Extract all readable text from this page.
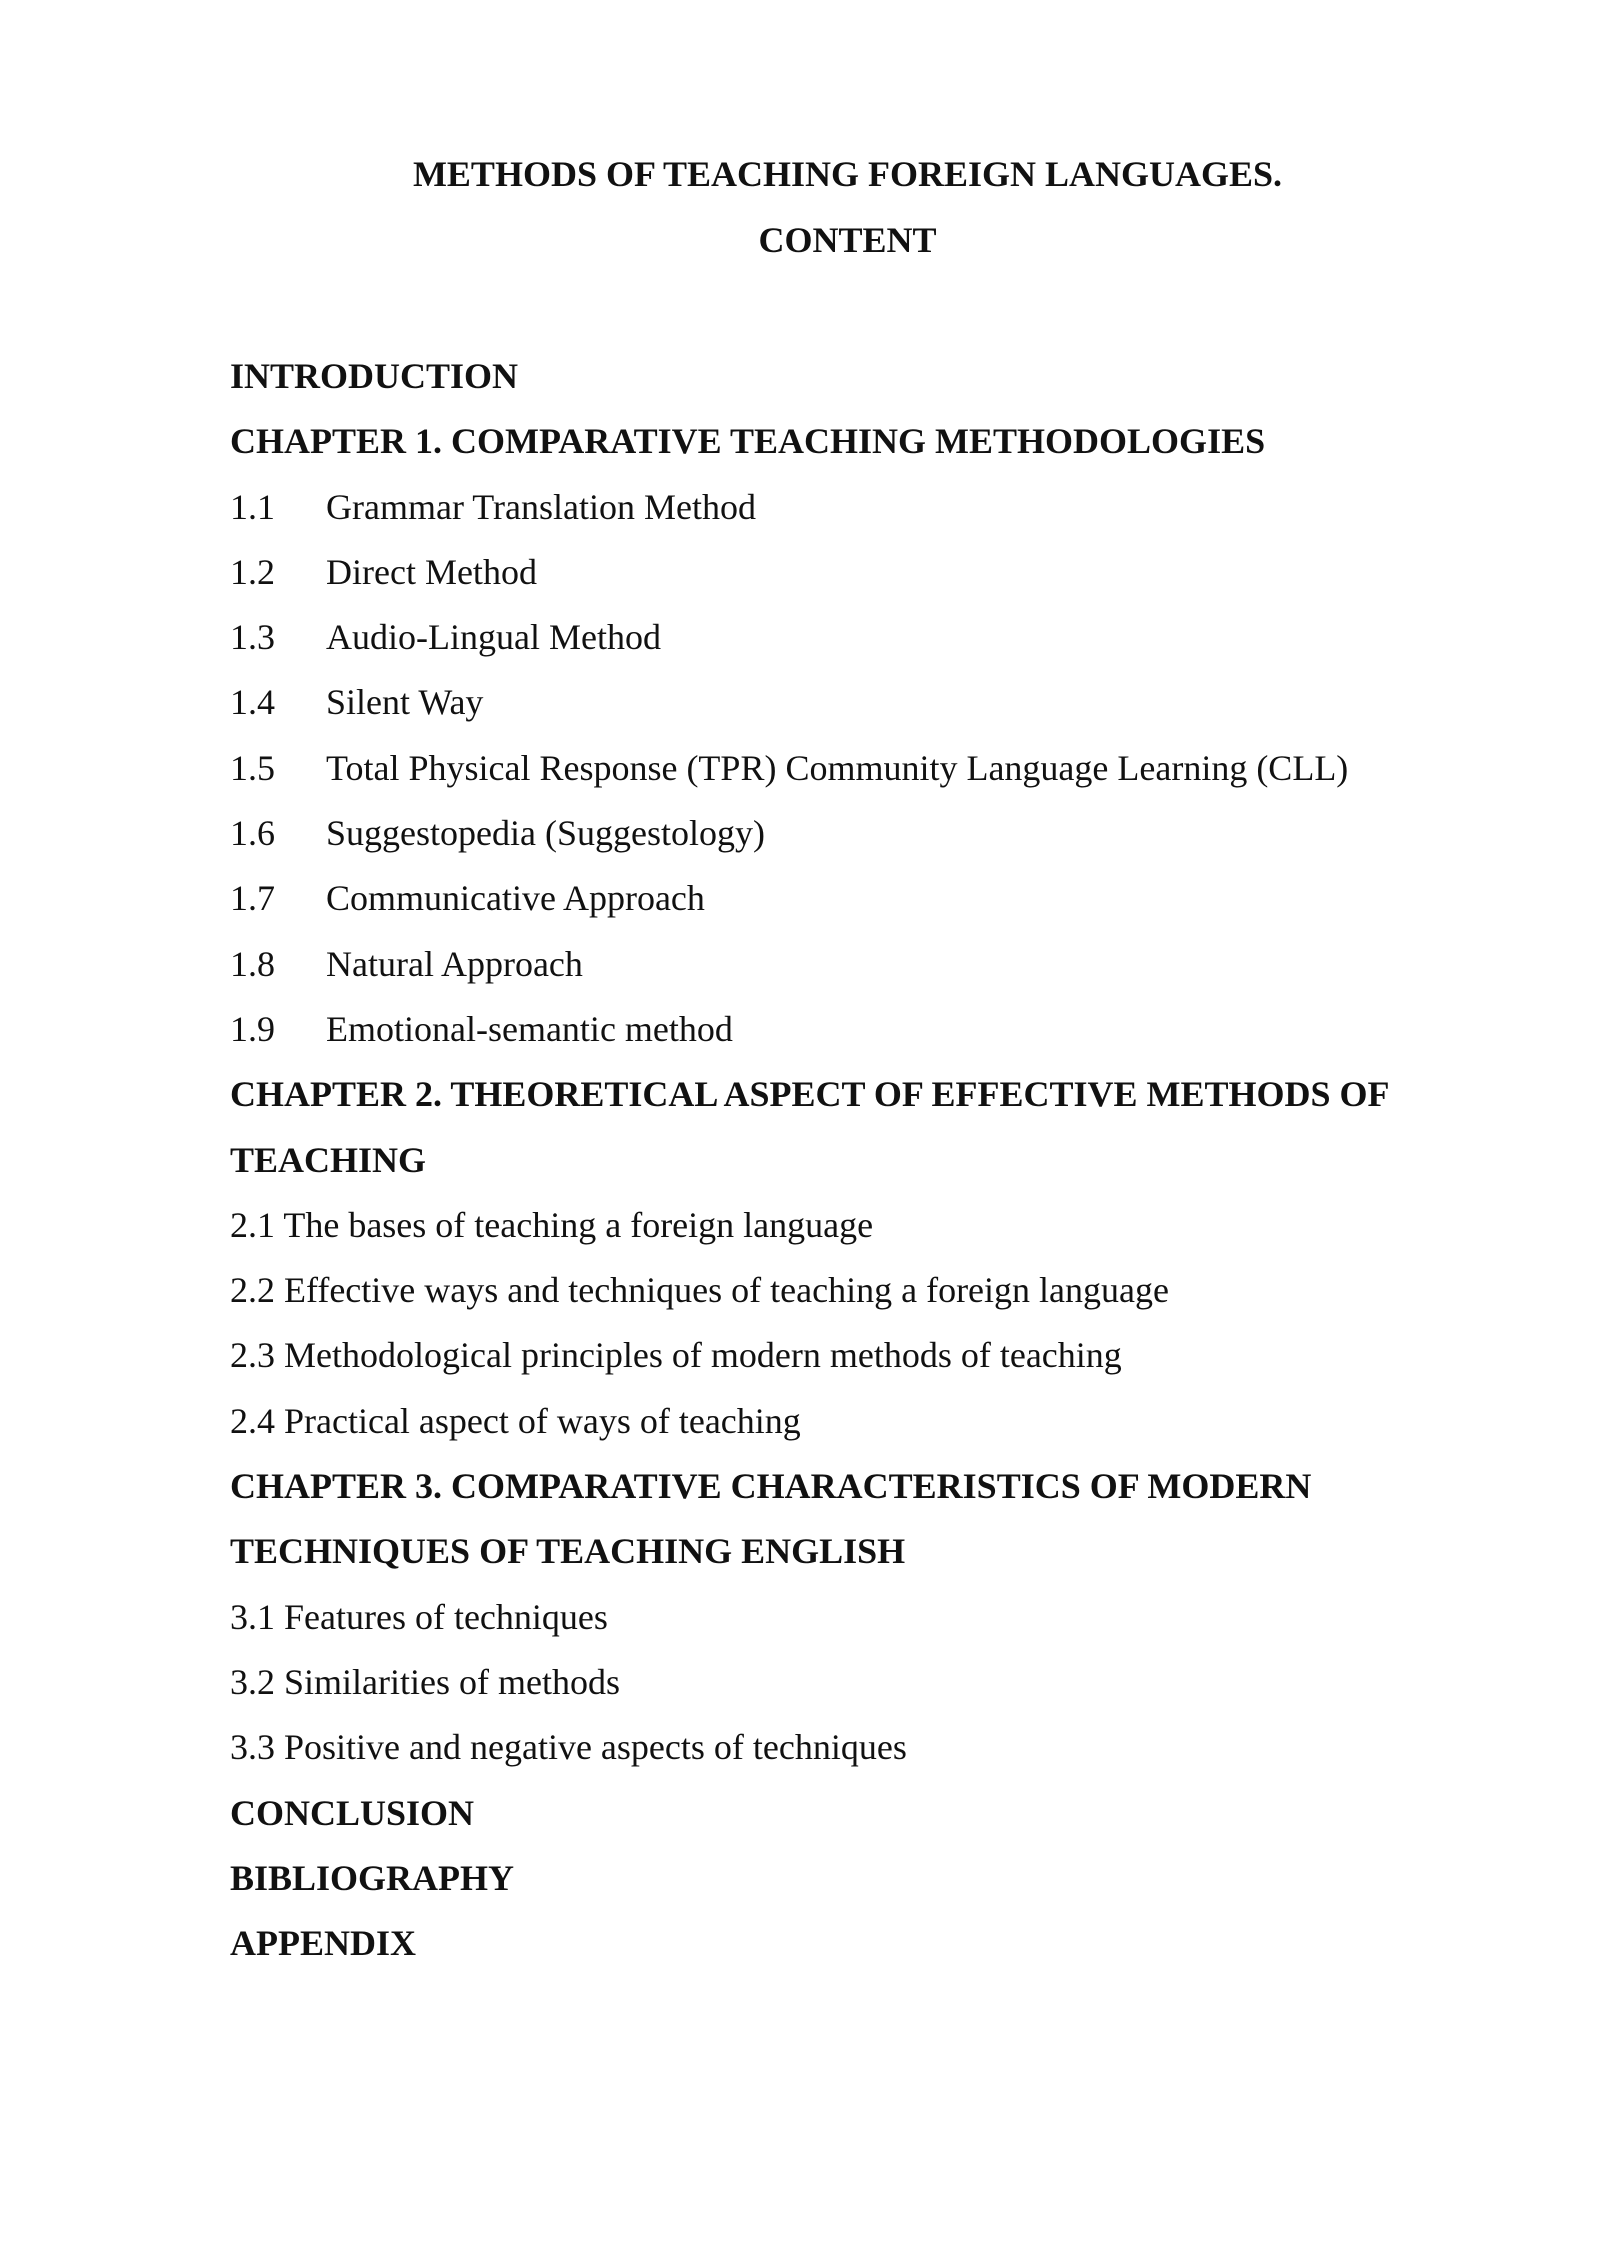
METHODS OF TEACHING FOREIGN LANGUAGES.
CONTENT
INTRODUCTION
CHAPTER 1. COMPARATIVE TEACHING METHODOLOGIES
1.1	Grammar Translation Method
1.2	Direct Method
1.3	Audio-Lingual Method
1.4	Silent Way
1.5	Total Physical Response (TPR) Community Language Learning (CLL)
1.6	Suggestopedia (Suggestology)
1.7	Communicative Approach
1.8	Natural Approach
1.9	Emotional-semantic method
CHAPTER 2. THEORETICAL ASPECT OF EFFECTIVE METHODS OF
TEACHING
2.1 The bases of teaching a foreign language
2.2 Effective ways and techniques of teaching a foreign language
2.3 Methodological principles of modern methods of teaching
2.4 Practical aspect of ways of teaching
CHAPTER 3. COMPARATIVE CHARACTERISTICS OF MODERN
TECHNIQUES OF TEACHING ENGLISH
3.1 Features of techniques
3.2 Similarities of methods
3.3 Positive and negative aspects of techniques
CONCLUSION
BIBLIOGRAPHY
APPENDIX
